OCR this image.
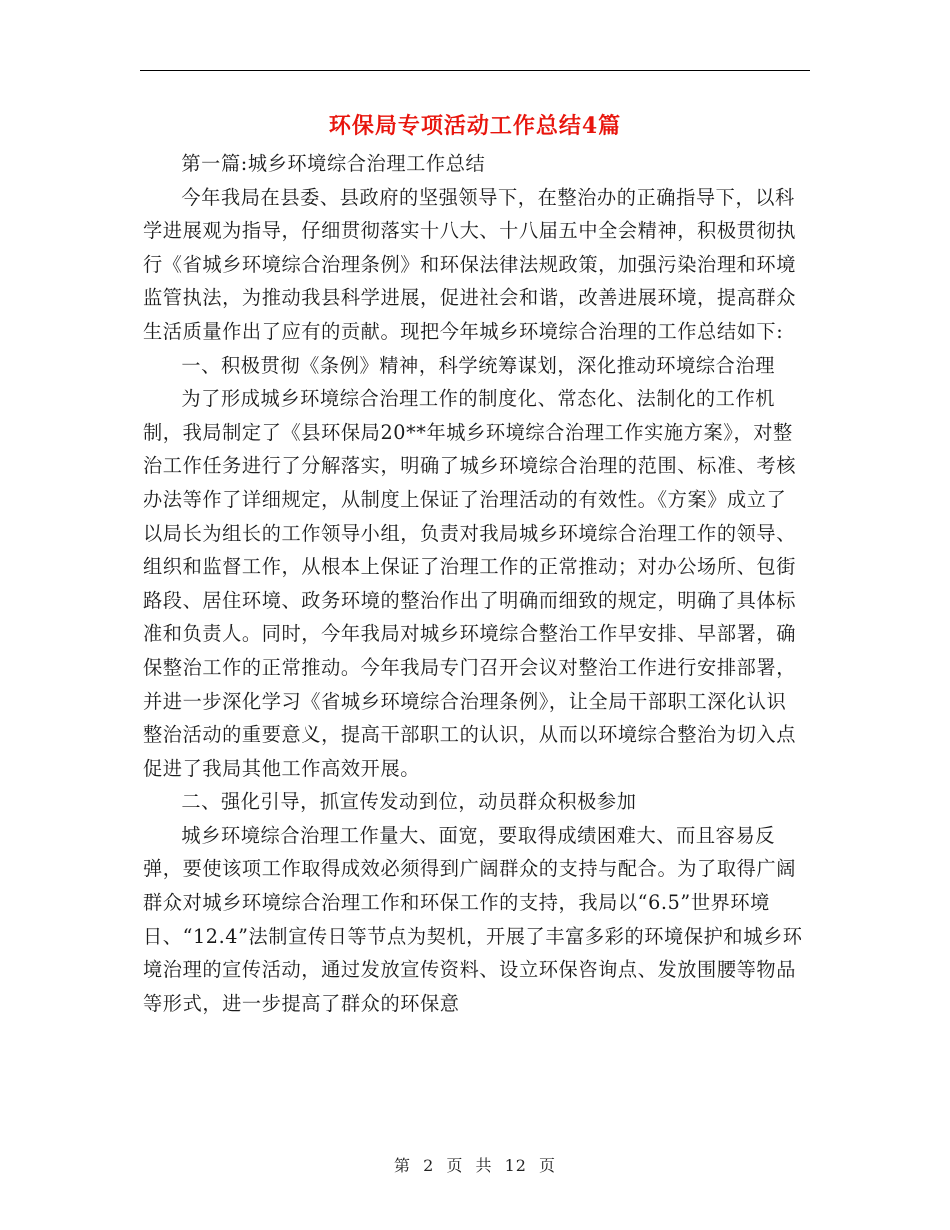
环保局专项活动工作总结4篇

第一篇:城乡环境综合治理工作总结

今年我局在县委、县政府的坚强领导下，在整治办的正确指导下，以科学进展观为指导，仔细贯彻落实十八大、十八届五中全会精神，积极贯彻执行《省城乡环境综合治理条例》和环保法律法规政策，加强污染治理和环境监管执法，为推动我县科学进展，促进社会和谐，改善进展环境，提高群众生活质量作出了应有的贡献。现把今年城乡环境综合治理的工作总结如下:

一、积极贯彻《条例》精神，科学统筹谋划，深化推动环境综合治理

为了形成城乡环境综合治理工作的制度化、常态化、法制化的工作机制，我局制定了《县环保局20**年城乡环境综合治理工作实施方案》，对整治工作任务进行了分解落实，明确了城乡环境综合治理的范围、标准、考核办法等作了详细规定，从制度上保证了治理活动的有效性。《方案》成立了以局长为组长的工作领导小组，负责对我局城乡环境综合治理工作的领导、组织和监督工作，从根本上保证了治理工作的正常推动；对办公场所、包街路段、居住环境、政务环境的整治作出了明确而细致的规定，明确了具体标准和负责人。同时，今年我局对城乡环境综合整治工作早安排、早部署，确保整治工作的正常推动。今年我局专门召开会议对整治工作进行安排部署，并进一步深化学习《省城乡环境综合治理条例》，让全局干部职工深化认识整治活动的重要意义，提高干部职工的认识，从而以环境综合整治为切入点促进了我局其他工作高效开展。

二、强化引导，抓宣传发动到位，动员群众积极参加

城乡环境综合治理工作量大、面宽，要取得成绩困难大、而且容易反弹，要使该项工作取得成效必须得到广阔群众的支持与配合。为了取得广阔群众对城乡环境综合治理工作和环保工作的支持，我局以“6.5”世界环境日、“12.4”法制宣传日等节点为契机，开展了丰富多彩的环境保护和城乡环境治理的宣传活动，通过发放宣传资料、设立环保咨询点、发放围腰等物品等形式，进一步提高了群众的环保意

第 2 页 共 12 页
